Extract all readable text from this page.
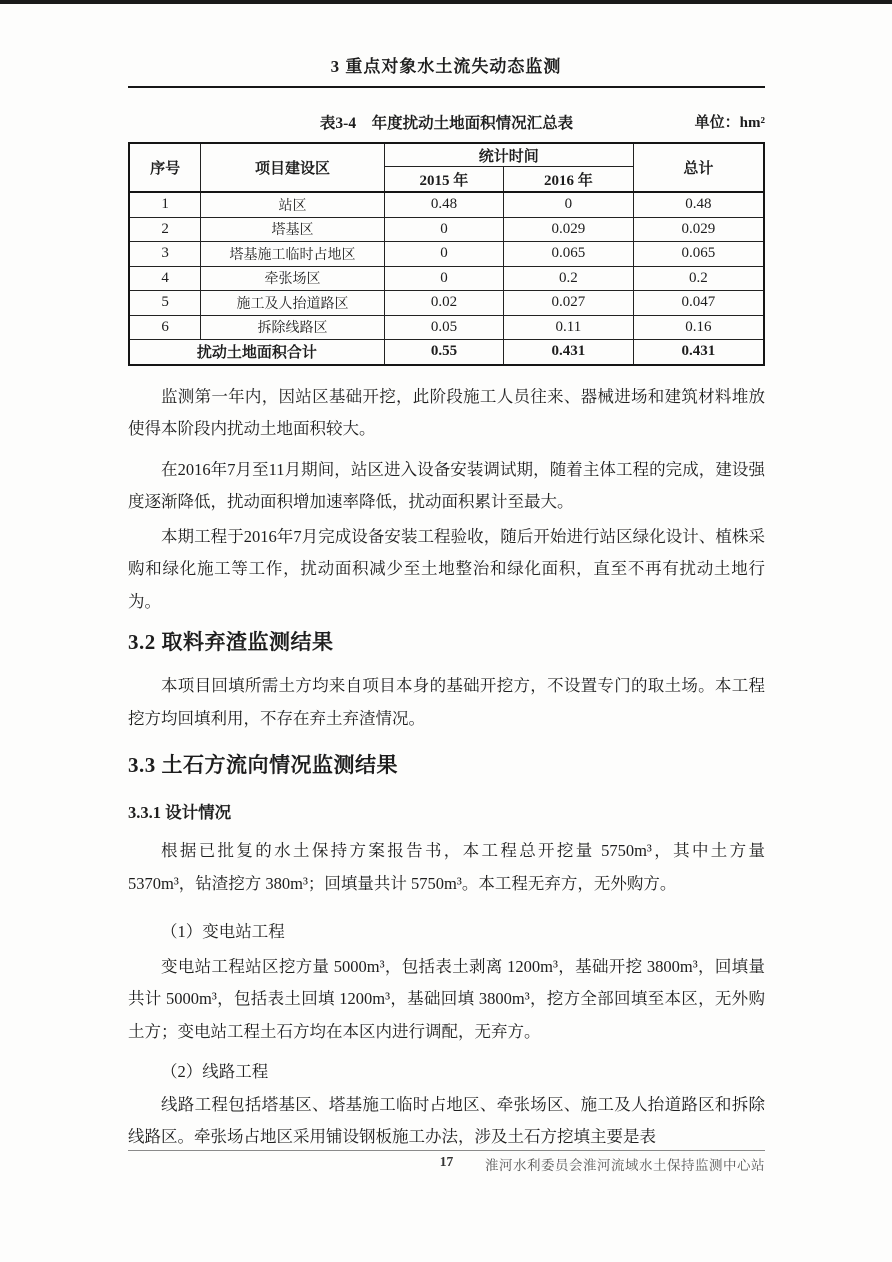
3 重点对象水土流失动态监测
表3-4　年度扰动土地面积情况汇总表	单位：hm²
序号	项目建设区	统计时间		总计
		2015 年	2016 年	
1	站区	0.48	0	0.48
2	塔基区	0	0.029	0.029
3	塔基施工临时占地区	0	0.065	0.065
4	牵张场区	0	0.2	0.2
5	施工及人抬道路区	0.02	0.027	0.047
6	拆除线路区	0.05	0.11	0.16
扰动土地面积合计		0.55	0.431	0.431

监测第一年内，因站区基础开挖，此阶段施工人员往来、器械进场和建筑材料堆放使得本阶段内扰动土地面积较大。

在2016年7月至11月期间，站区进入设备安装调试期，随着主体工程的完成，建设强度逐渐降低，扰动面积增加速率降低，扰动面积累计至最大。

本期工程于2016年7月完成设备安装工程验收，随后开始进行站区绿化设计、植株采购和绿化施工等工作，扰动面积减少至土地整治和绿化面积，直至不再有扰动土地行为。

3.2 取料弃渣监测结果

本项目回填所需土方均来自项目本身的基础开挖方，不设置专门的取土场。本工程挖方均回填利用，不存在弃土弃渣情况。

3.3 土石方流向情况监测结果
3.3.1 设计情况

根据已批复的水土保持方案报告书，本工程总开挖量 5750m³，其中土方量 5370m³，钻渣挖方 380m³；回填量共计 5750m³。本工程无弃方，无外购方。

（1）变电站工程

变电站工程站区挖方量 5000m³，包括表土剥离 1200m³，基础开挖 3800m³，回填量共计 5000m³，包括表土回填 1200m³，基础回填 3800m³，挖方全部回填至本区，无外购土方；变电站工程土石方均在本区内进行调配，无弃方。

（2）线路工程

线路工程包括塔基区、塔基施工临时占地区、牵张场区、施工及人抬道路区和拆除线路区。牵张场占地区采用铺设钢板施工办法，涉及土石方挖填主要是表

17 淮河水利委员会淮河流域水土保持监测中心站
